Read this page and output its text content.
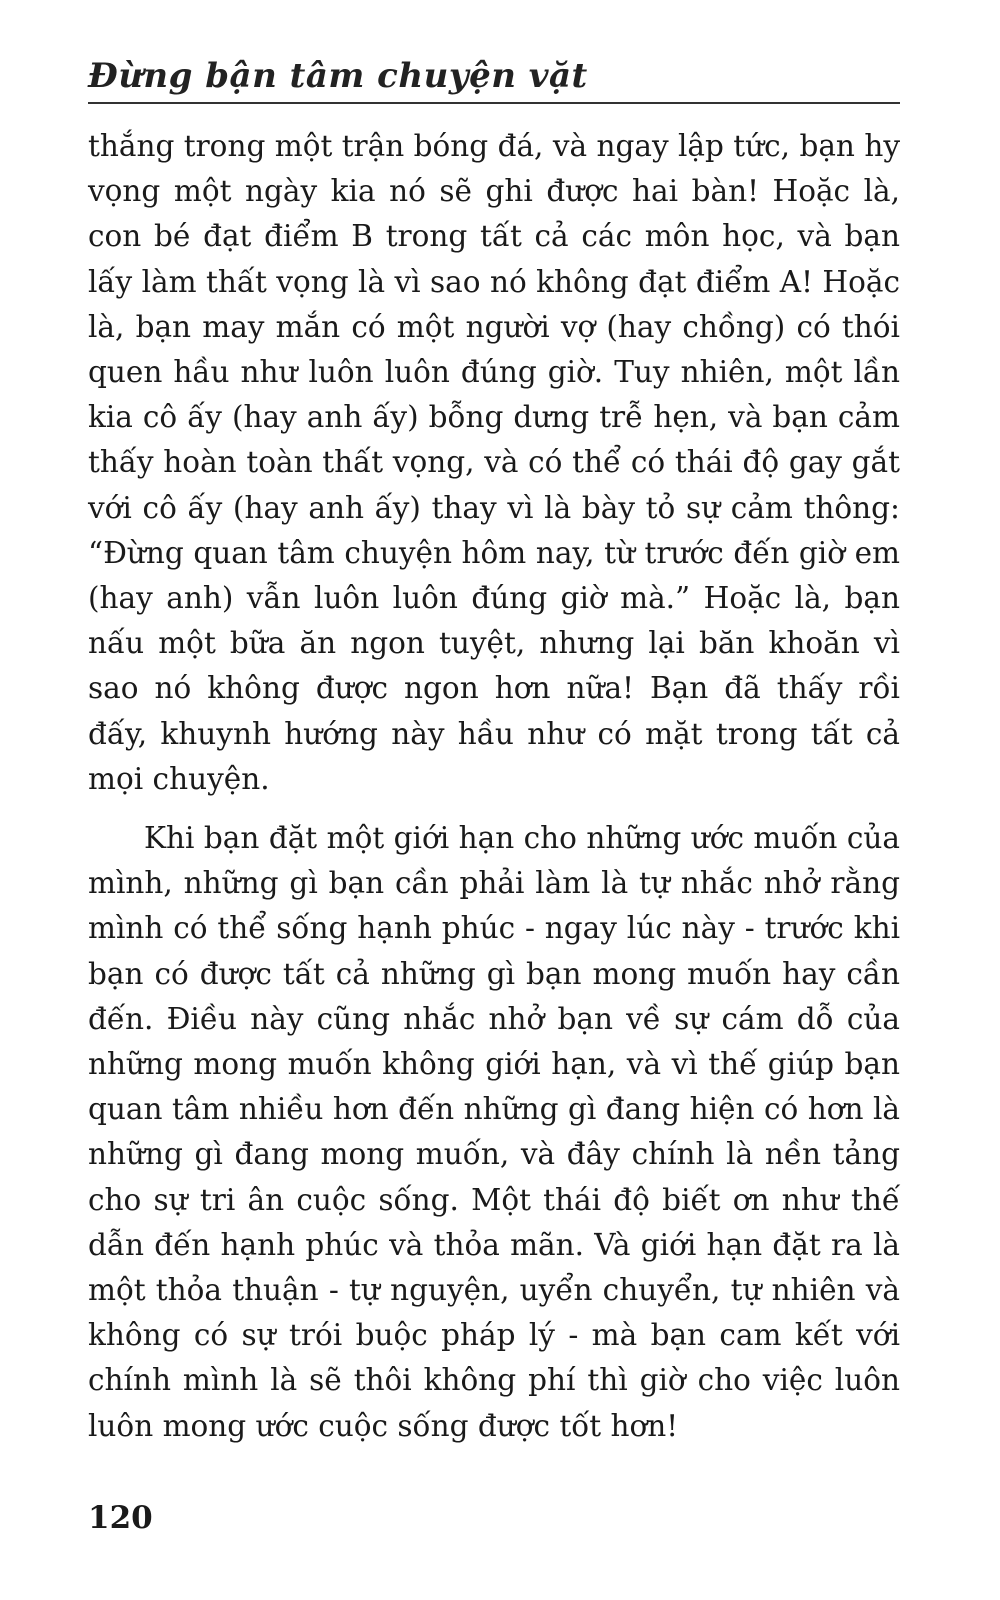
Đừng bận tâm chuyện vặt

thắng trong một trận bóng đá, và ngay lập tức, bạn hy vọng một ngày kia nó sẽ ghi được hai bàn! Hoặc là, con bé đạt điểm B trong tất cả các môn học, và bạn lấy làm thất vọng là vì sao nó không đạt điểm A! Hoặc là, bạn may mắn có một người vợ (hay chồng) có thói quen hầu như luôn luôn đúng giờ. Tuy nhiên, một lần kia cô ấy (hay anh ấy) bỗng dưng trễ hẹn, và bạn cảm thấy hoàn toàn thất vọng, và có thể có thái độ gay gắt với cô ấy (hay anh ấy) thay vì là bày tỏ sự cảm thông: “Đừng quan tâm chuyện hôm nay, từ trước đến giờ em (hay anh) vẫn luôn luôn đúng giờ mà.” Hoặc là, bạn nấu một bữa ăn ngon tuyệt, nhưng lại băn khoăn vì sao nó không được ngon hơn nữa! Bạn đã thấy rồi đấy, khuynh hướng này hầu như có mặt trong tất cả mọi chuyện.

Khi bạn đặt một giới hạn cho những ước muốn của mình, những gì bạn cần phải làm là tự nhắc nhở rằng mình có thể sống hạnh phúc - ngay lúc này - trước khi bạn có được tất cả những gì bạn mong muốn hay cần đến. Điều này cũng nhắc nhở bạn về sự cám dỗ của những mong muốn không giới hạn, và vì thế giúp bạn quan tâm nhiều hơn đến những gì đang hiện có hơn là những gì đang mong muốn, và đây chính là nền tảng cho sự tri ân cuộc sống. Một thái độ biết ơn như thế dẫn đến hạnh phúc và thỏa mãn. Và giới hạn đặt ra là một thỏa thuận - tự nguyện, uyển chuyển, tự nhiên và không có sự trói buộc pháp lý - mà bạn cam kết với chính mình là sẽ thôi không phí thì giờ cho việc luôn luôn mong ước cuộc sống được tốt hơn!

120
